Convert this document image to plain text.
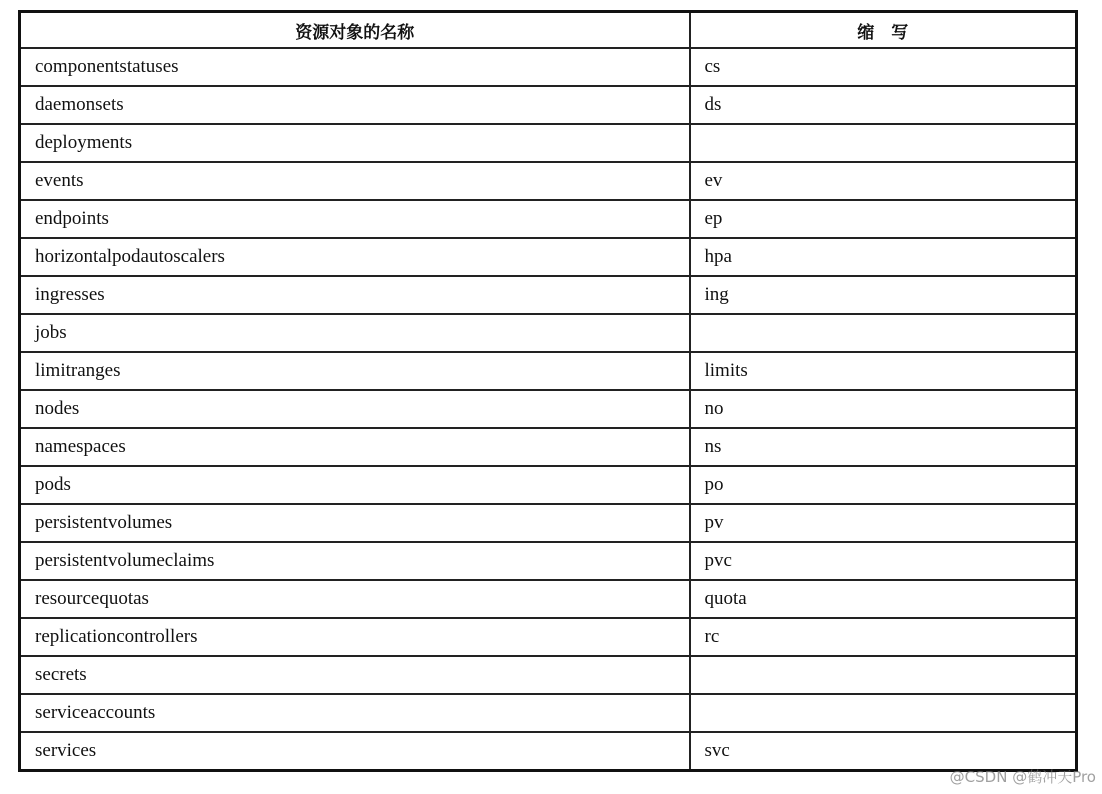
资源对象的名称	缩　写
componentstatuses	cs
daemonsets	ds
deployments	
events	ev
endpoints	ep
horizontalpodautoscalers	hpa
ingresses	ing
jobs	
limitranges	limits
nodes	no
namespaces	ns
pods	po
persistentvolumes	pv
persistentvolumeclaims	pvc
resourcequotas	quota
replicationcontrollers	rc
secrets	
serviceaccounts	
services	svc
@CSDN @鹤冲天Pro
